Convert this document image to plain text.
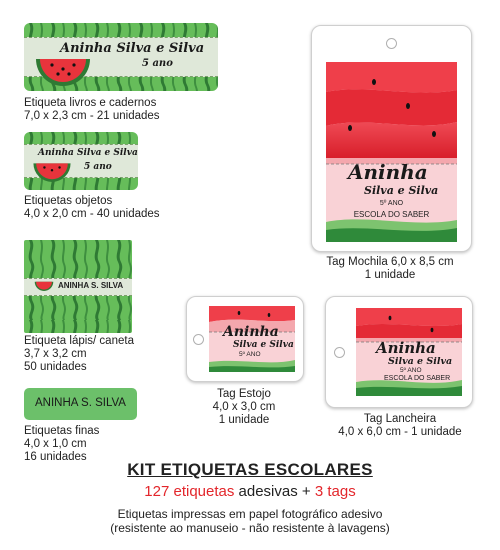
Aninha Silva e Silva
5 ano
Etiqueta livros e cadernos
7,0 x 2,3 cm - 21 unidades
Aninha Silva e Silva
5 ano
Etiquetas objetos
4,0 x 2,0 cm - 40 unidades
ANINHA S. SILVA
Etiqueta lápis/ caneta
3,7 x 3,2 cm
50 unidades
ANINHA S. SILVA
Etiquetas finas
4,0 x 1,0 cm
16 unidades
Aninha
Silva e Silva
5º ANO
ESCOLA DO SABER
Tag Mochila 6,0 x 8,5 cm
1 unidade
Aninha
Silva e Silva
5º ANO
Tag Estojo
4,0 x 3,0 cm
1 unidade
Aninha
Silva e Silva
5º ANO
ESCOLA DO SABER
Tag Lancheira
4,0 x 6,0 cm - 1 unidade
KIT ETIQUETAS ESCOLARES
127 etiquetas adesivas + 3 tags
Etiquetas impressas em papel fotográfico adesivo
(resistente ao manuseio - não resistente à lavagens)
